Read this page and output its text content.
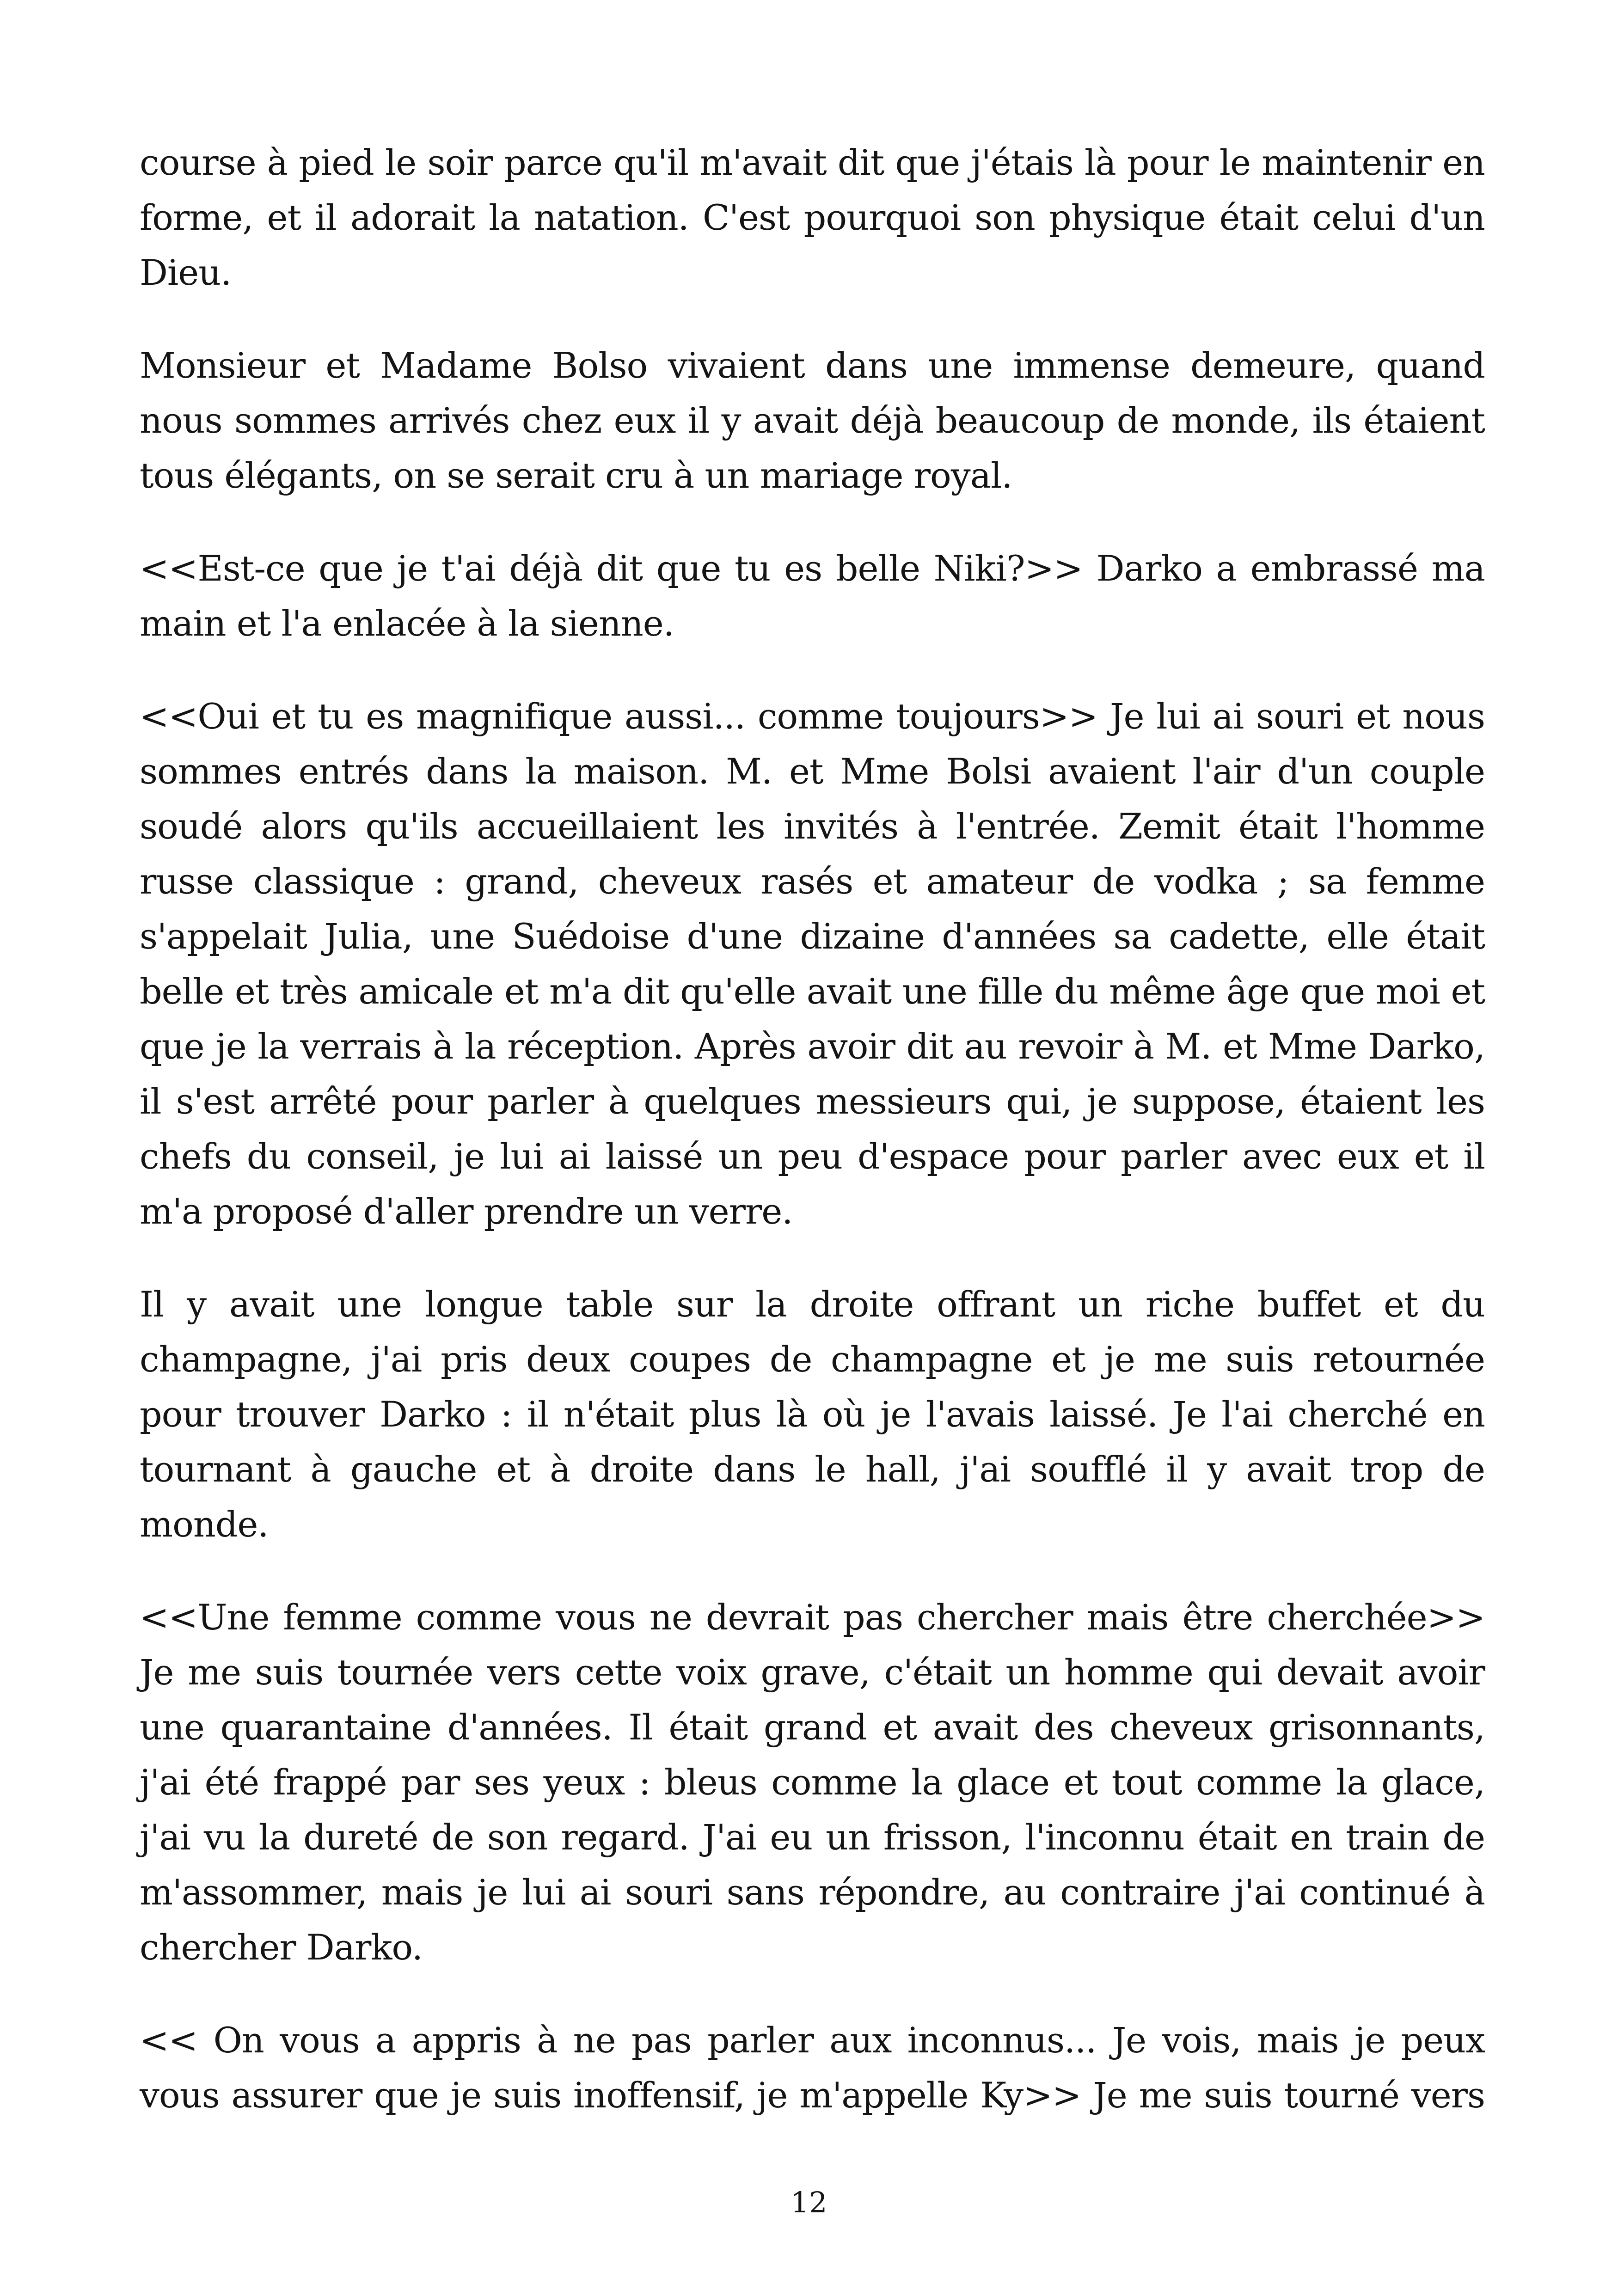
course à pied le soir parce qu'il m'avait dit que j'étais là pour le maintenir en forme, et il adorait la natation. C'est pourquoi son physique était celui d'un Dieu.

Monsieur et Madame Bolso vivaient dans une immense demeure, quand nous sommes arrivés chez eux il y avait déjà beaucoup de monde, ils étaient tous élégants, on se serait cru à un mariage royal.

<<Est-ce que je t'ai déjà dit que tu es belle Niki?>> Darko a embrassé ma main et l'a enlacée à la sienne.

<<Oui et tu es magnifique aussi... comme toujours>> Je lui ai souri et nous sommes entrés dans la maison. M. et Mme Bolsi avaient l'air d'un couple soudé alors qu'ils accueillaient les invités à l'entrée. Zemit était l'homme russe classique : grand, cheveux rasés et amateur de vodka ; sa femme s'appelait Julia, une Suédoise d'une dizaine d'années sa cadette, elle était belle et très amicale et m'a dit qu'elle avait une fille du même âge que moi et que je la verrais à la réception. Après avoir dit au revoir à M. et Mme Darko, il s'est arrêté pour parler à quelques messieurs qui, je suppose, étaient les chefs du conseil, je lui ai laissé un peu d'espace pour parler avec eux et il m'a proposé d'aller prendre un verre.

Il y avait une longue table sur la droite offrant un riche buffet et du champagne, j'ai pris deux coupes de champagne et je me suis retournée pour trouver Darko : il n'était plus là où je l'avais laissé. Je l'ai cherché en tournant à gauche et à droite dans le hall, j'ai soufflé il y avait trop de monde.

<<Une femme comme vous ne devrait pas chercher mais être cherchée>> Je me suis tournée vers cette voix grave, c'était un homme qui devait avoir une quarantaine d'années. Il était grand et avait des cheveux grisonnants, j'ai été frappé par ses yeux : bleus comme la glace et tout comme la glace, j'ai vu la dureté de son regard. J'ai eu un frisson, l'inconnu était en train de m'assommer, mais je lui ai souri sans répondre, au contraire j'ai continué à chercher Darko.

<< On vous a appris à ne pas parler aux inconnus... Je vois, mais je peux vous assurer que je suis inoffensif, je m'appelle Ky>> Je me suis tourné vers

12
